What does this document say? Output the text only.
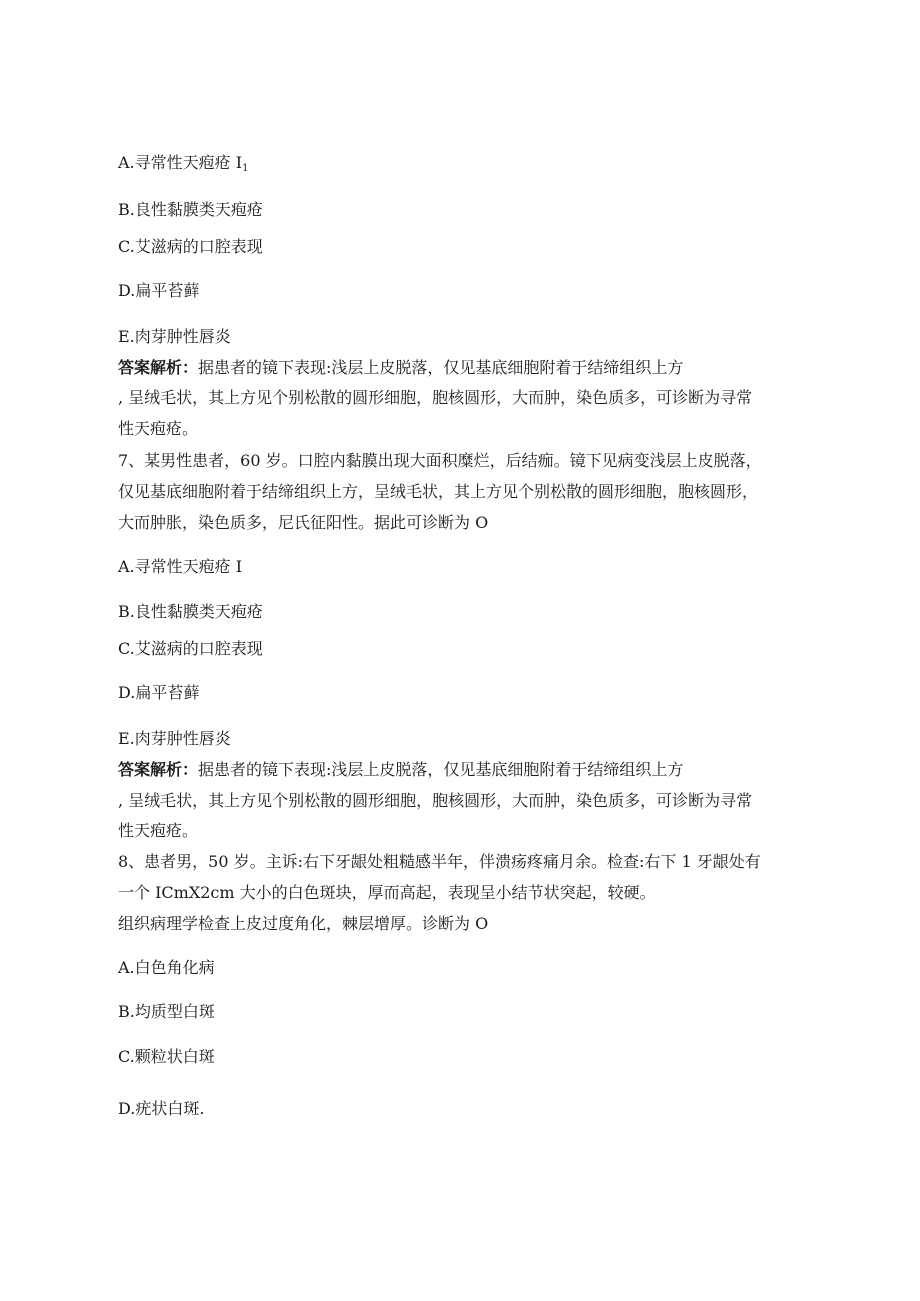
A.寻常性天疱疮 $I_1$
B.良性黏膜类天疱疮
C.艾滋病的口腔表现
D.扁平苔藓
E.肉芽肿性唇炎
答案解析：据患者的镜下表现:浅层上皮脱落，仅见基底细胞附着于结缔组织上方
, 呈绒毛状，其上方见个别松散的圆形细胞，胞核圆形，大而肿，染色质多，可诊断为寻常
性天疱疮。
7、某男性患者，60 岁。口腔内黏膜出现大面积糜烂，后结痂。镜下见病变浅层上皮脱落，
仅见基底细胞附着于结缔组织上方，呈绒毛状，其上方见个别松散的圆形细胞，胞核圆形，
大而肿胀，染色质多，尼氏征阳性。据此可诊断为 O
A.寻常性天疱疮 I
B.良性黏膜类天疱疮
C.艾滋病的口腔表现
D.扁平苔藓
E.肉芽肿性唇炎
答案解析：据患者的镜下表现:浅层上皮脱落，仅见基底细胞附着于结缔组织上方
, 呈绒毛状，其上方见个别松散的圆形细胞，胞核圆形，大而肿，染色质多，可诊断为寻常
性天疱疮。
8、患者男，50 岁。主诉:右下牙龈处粗糙感半年，伴溃疡疼痛月余。检查:右下 1 牙龈处有
一个 ICmX2cm 大小的白色斑块，厚而高起，表现呈小结节状突起，较硬。
组织病理学检查上皮过度角化，棘层增厚。诊断为 O
A.白色角化病
B.均质型白斑
C.颗粒状白斑
D.疣状白斑.
